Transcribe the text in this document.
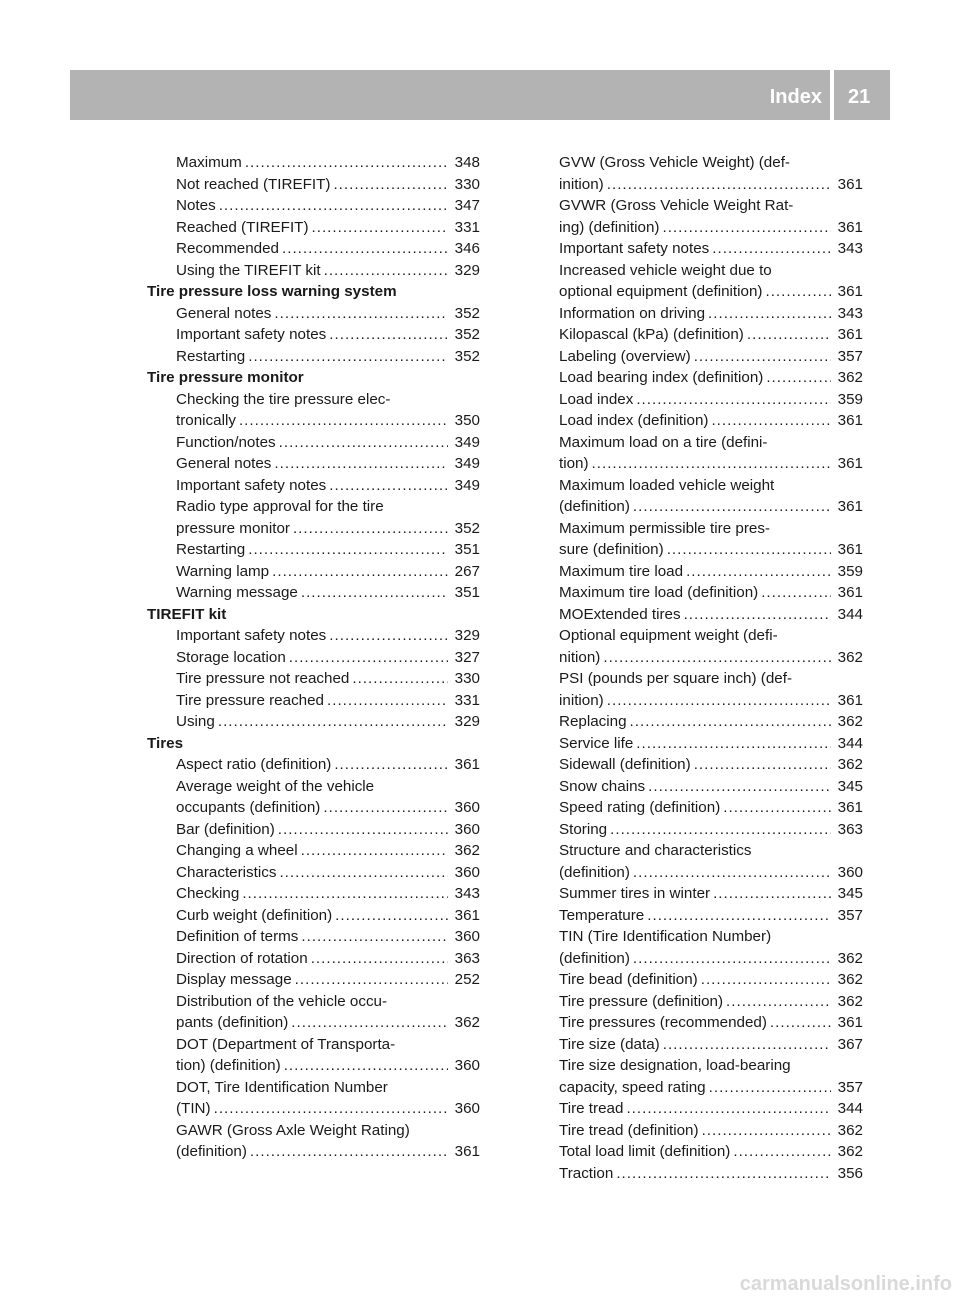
Index 21
Maximum .....	348
Not reached (TIREFIT) .....	330
Notes .....	347
Reached (TIREFIT) .....	331
Recommended .....	346
Using the TIREFIT kit .....	329
Tire pressure loss warning system
General notes .....	352
Important safety notes .....	352
Restarting .....	352
Tire pressure monitor
Checking the tire pressure elec-
tronically .....	350
Function/notes .....	349
General notes .....	349
Important safety notes .....	349
Radio type approval for the tire
pressure monitor .....	352
Restarting .....	351
Warning lamp .....	267
Warning message .....	351
TIREFIT kit
Important safety notes .....	329
Storage location .....	327
Tire pressure not reached .....	330
Tire pressure reached .....	331
Using .....	329
Tires
Aspect ratio (definition) .....	361
Average weight of the vehicle
occupants (definition) .....	360
Bar (definition) .....	360
Changing a wheel .....	362
Characteristics .....	360
Checking .....	343
Curb weight (definition) .....	361
Definition of terms .....	360
Direction of rotation .....	363
Display message .....	252
Distribution of the vehicle occu-
pants (definition) .....	362
DOT (Department of Transporta-
tion) (definition) .....	360
DOT, Tire Identification Number
(TIN) .....	360
GAWR (Gross Axle Weight Rating)
(definition) .....	361
GVW (Gross Vehicle Weight) (def-
inition) .....	361
GVWR (Gross Vehicle Weight Rat-
ing) (definition) .....	361
Important safety notes .....	343
Increased vehicle weight due to
optional equipment (definition) .....	361
Information on driving .....	343
Kilopascal (kPa) (definition) .....	361
Labeling (overview) .....	357
Load bearing index (definition) .....	362
Load index .....	359
Load index (definition) .....	361
Maximum load on a tire (defini-
tion) .....	361
Maximum loaded vehicle weight
(definition) .....	361
Maximum permissible tire pres-
sure (definition) .....	361
Maximum tire load .....	359
Maximum tire load (definition) .....	361
MOExtended tires .....	344
Optional equipment weight (defi-
nition) .....	362
PSI (pounds per square inch) (def-
inition) .....	361
Replacing .....	362
Service life .....	344
Sidewall (definition) .....	362
Snow chains .....	345
Speed rating (definition) .....	361
Storing .....	363
Structure and characteristics
(definition) .....	360
Summer tires in winter .....	345
Temperature .....	357
TIN (Tire Identification Number)
(definition) .....	362
Tire bead (definition) .....	362
Tire pressure (definition) .....	362
Tire pressures (recommended) .....	361
Tire size (data) .....	367
Tire size designation, load-bearing
capacity, speed rating .....	357
Tire tread .....	344
Tire tread (definition) .....	362
Total load limit (definition) .....	362
Traction .....	356
carmanualsonline.info
